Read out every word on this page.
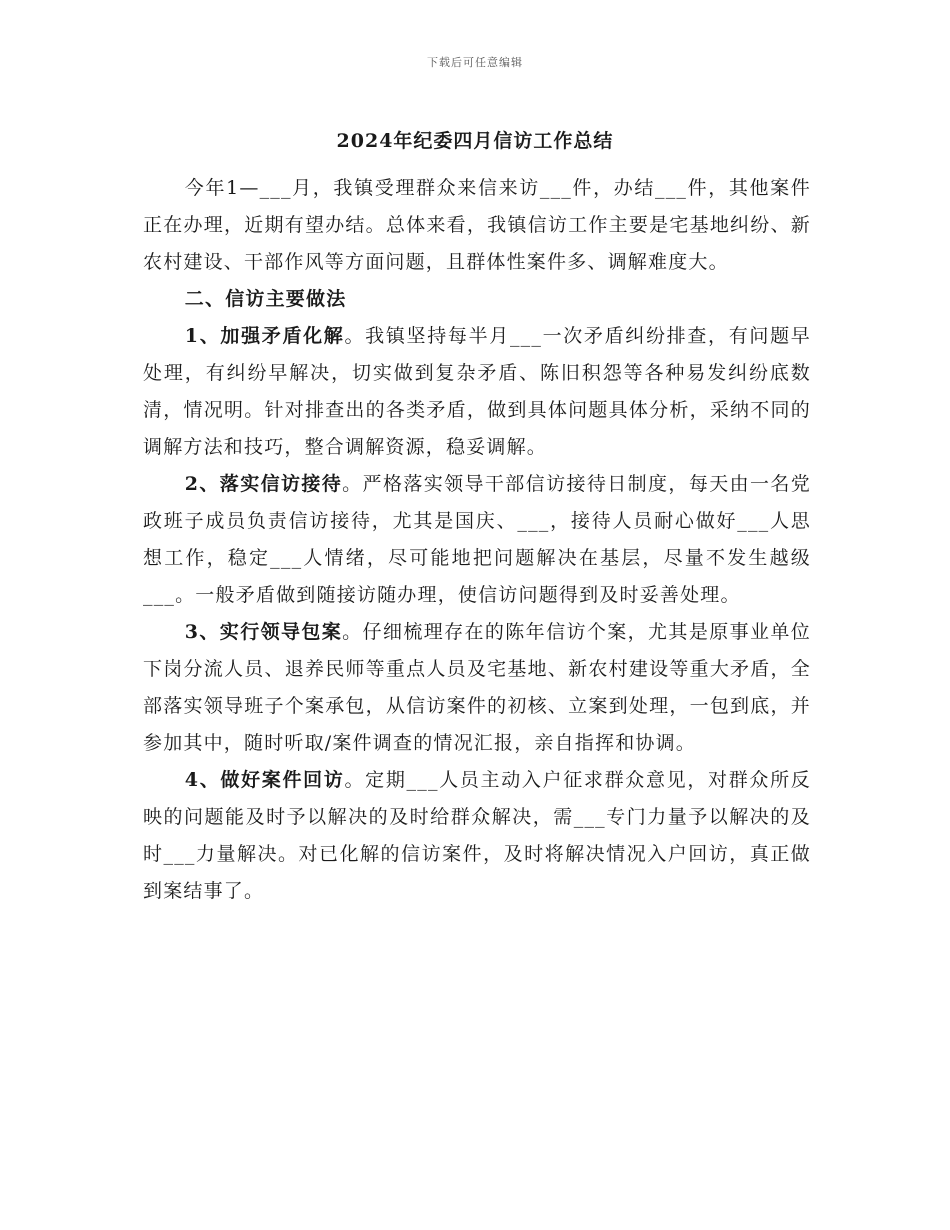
下载后可任意编辑
2024年纪委四月信访工作总结

今年1—___月，我镇受理群众来信来访___件，办结___件，其他案件正在办理，近期有望办结。总体来看，我镇信访工作主要是宅基地纠纷、新农村建设、干部作风等方面问题，且群体性案件多、调解难度大。

二、信访主要做法

1、加强矛盾化解。我镇坚持每半月___一次矛盾纠纷排查，有问题早处理，有纠纷早解决，切实做到复杂矛盾、陈旧积怨等各种易发纠纷底数清，情况明。针对排查出的各类矛盾，做到具体问题具体分析，采纳不同的调解方法和技巧，整合调解资源，稳妥调解。

2、落实信访接待。严格落实领导干部信访接待日制度，每天由一名党政班子成员负责信访接待，尤其是国庆、___，接待人员耐心做好___人思想工作，稳定___人情绪，尽可能地把问题解决在基层，尽量不发生越级___。一般矛盾做到随接访随办理，使信访问题得到及时妥善处理。

3、实行领导包案。仔细梳理存在的陈年信访个案，尤其是原事业单位下岗分流人员、退养民师等重点人员及宅基地、新农村建设等重大矛盾，全部落实领导班子个案承包，从信访案件的初核、立案到处理，一包到底，并参加其中，随时听取/案件调查的情况汇报，亲自指挥和协调。

4、做好案件回访。定期___人员主动入户征求群众意见，对群众所反映的问题能及时予以解决的及时给群众解决，需___专门力量予以解决的及时___力量解决。对已化解的信访案件，及时将解决情况入户回访，真正做到案结事了。
